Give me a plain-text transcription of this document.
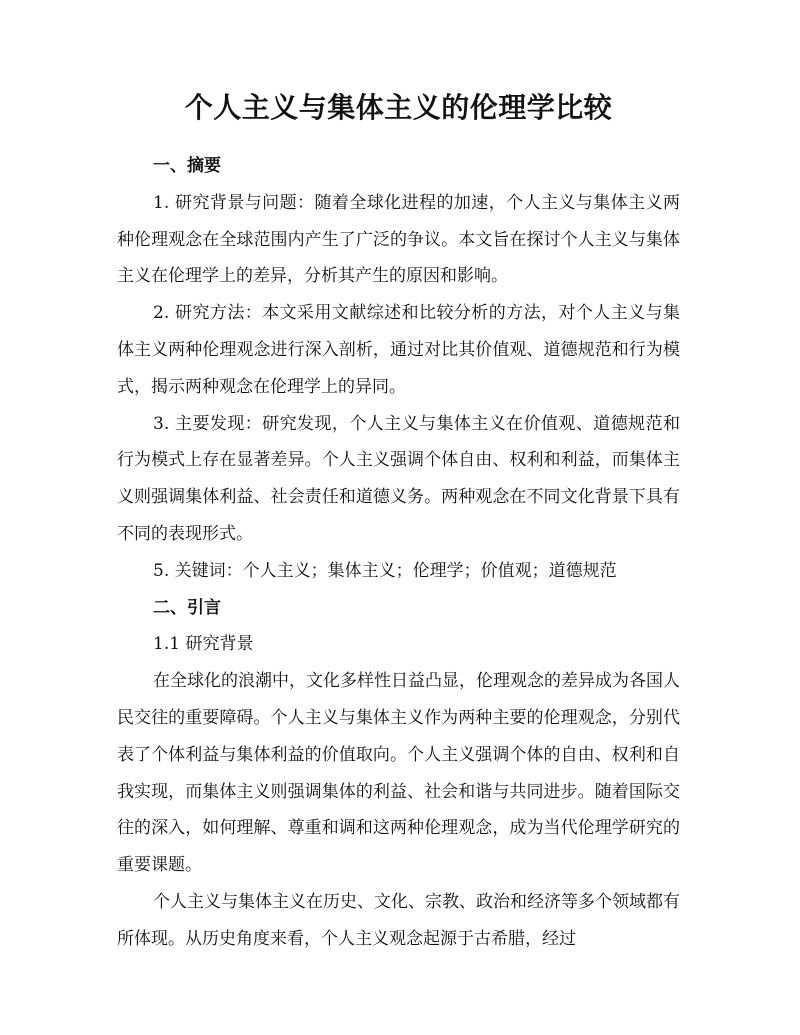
个人主义与集体主义的伦理学比较

一、摘要

1. 研究背景与问题：随着全球化进程的加速，个人主义与集体主义两种伦理观念在全球范围内产生了广泛的争议。本文旨在探讨个人主义与集体主义在伦理学上的差异，分析其产生的原因和影响。

2. 研究方法：本文采用文献综述和比较分析的方法，对个人主义与集体主义两种伦理观念进行深入剖析，通过对比其价值观、道德规范和行为模式，揭示两种观念在伦理学上的异同。

3. 主要发现：研究发现，个人主义与集体主义在价值观、道德规范和行为模式上存在显著差异。个人主义强调个体自由、权利和利益，而集体主义则强调集体利益、社会责任和道德义务。两种观念在不同文化背景下具有不同的表现形式。

5. 关键词：个人主义；集体主义；伦理学；价值观；道德规范

二、引言

1.1 研究背景

在全球化的浪潮中，文化多样性日益凸显，伦理观念的差异成为各国人民交往的重要障碍。个人主义与集体主义作为两种主要的伦理观念，分别代表了个体利益与集体利益的价值取向。个人主义强调个体的自由、权利和自我实现，而集体主义则强调集体的利益、社会和谐与共同进步。随着国际交往的深入，如何理解、尊重和调和这两种伦理观念，成为当代伦理学研究的重要课题。

个人主义与集体主义在历史、文化、宗教、政治和经济等多个领域都有所体现。从历史角度来看，个人主义观念起源于古希腊，经过
